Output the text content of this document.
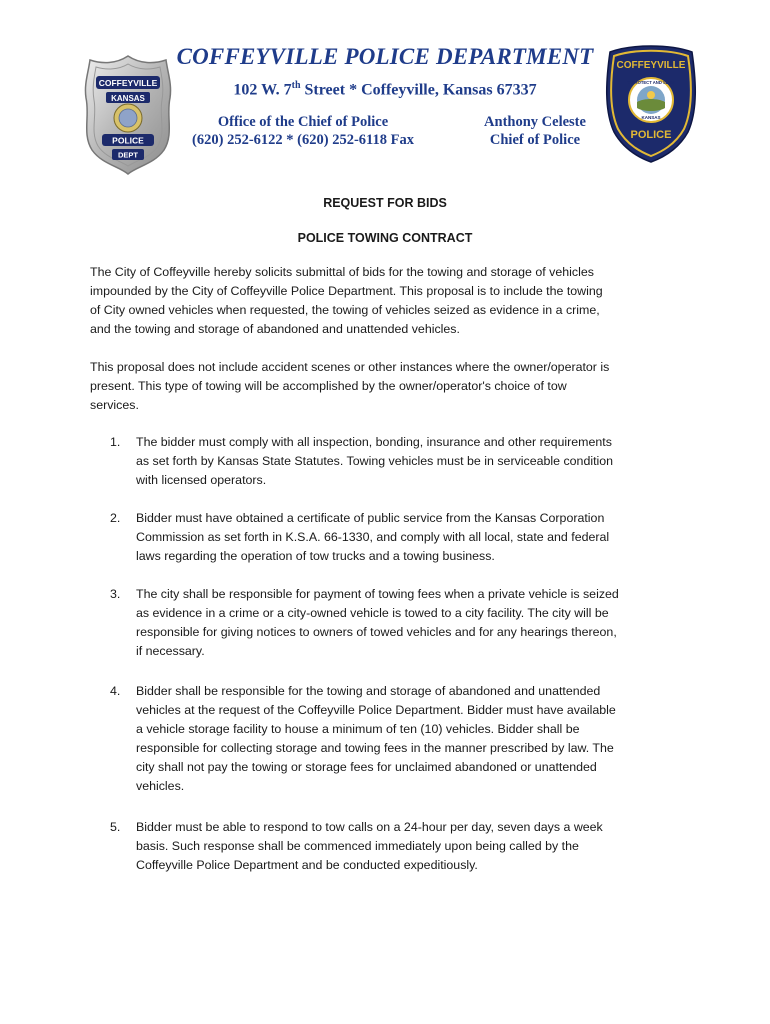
COFFEYVILLE
KANSAS
POLICE
DEPT
COFFEYVILLE POLICE DEPARTMENT
102 W. 7th Street * Coffeyville, Kansas 67337
Office of the Chief of Police
(620) 252-6122 * (620) 252-6118 Fax
Anthony Celeste
Chief of Police
COFFEYVILLE
TO PROTECT AND SERVE
KANSAS
POLICE
REQUEST FOR BIDS
POLICE TOWING CONTRACT
The City of Coffeyville hereby solicits submittal of bids for the towing and storage of vehicles
impounded by the City of Coffeyville Police Department. This proposal is to include the towing
of City owned vehicles when requested, the towing of vehicles seized as evidence in a crime,
and the towing and storage of abandoned and unattended vehicles.
This proposal does not include accident scenes or other instances where the owner/operator is
present. This type of towing will be accomplished by the owner/operator's choice of tow
services.
1.	The bidder must comply with all inspection, bonding, insurance and other requirements
as set forth by Kansas State Statutes. Towing vehicles must be in serviceable condition
with licensed operators.
2.	Bidder must have obtained a certificate of public service from the Kansas Corporation
Commission as set forth in K.S.A. 66-1330, and comply with all local, state and federal
laws regarding the operation of tow trucks and a towing business.
3.	The city shall be responsible for payment of towing fees when a private vehicle is seized
as evidence in a crime or a city-owned vehicle is towed to a city facility. The city will be
responsible for giving notices to owners of towed vehicles and for any hearings thereon,
if necessary.
4.	Bidder shall be responsible for the towing and storage of abandoned and unattended
vehicles at the request of the Coffeyville Police Department. Bidder must have available
a vehicle storage facility to house a minimum of ten (10) vehicles. Bidder shall be
responsible for collecting storage and towing fees in the manner prescribed by law. The
city shall not pay the towing or storage fees for unclaimed abandoned or unattended
vehicles.
5.	Bidder must be able to respond to tow calls on a 24-hour per day, seven days a week
basis. Such response shall be commenced immediately upon being called by the
Coffeyville Police Department and be conducted expeditiously.
